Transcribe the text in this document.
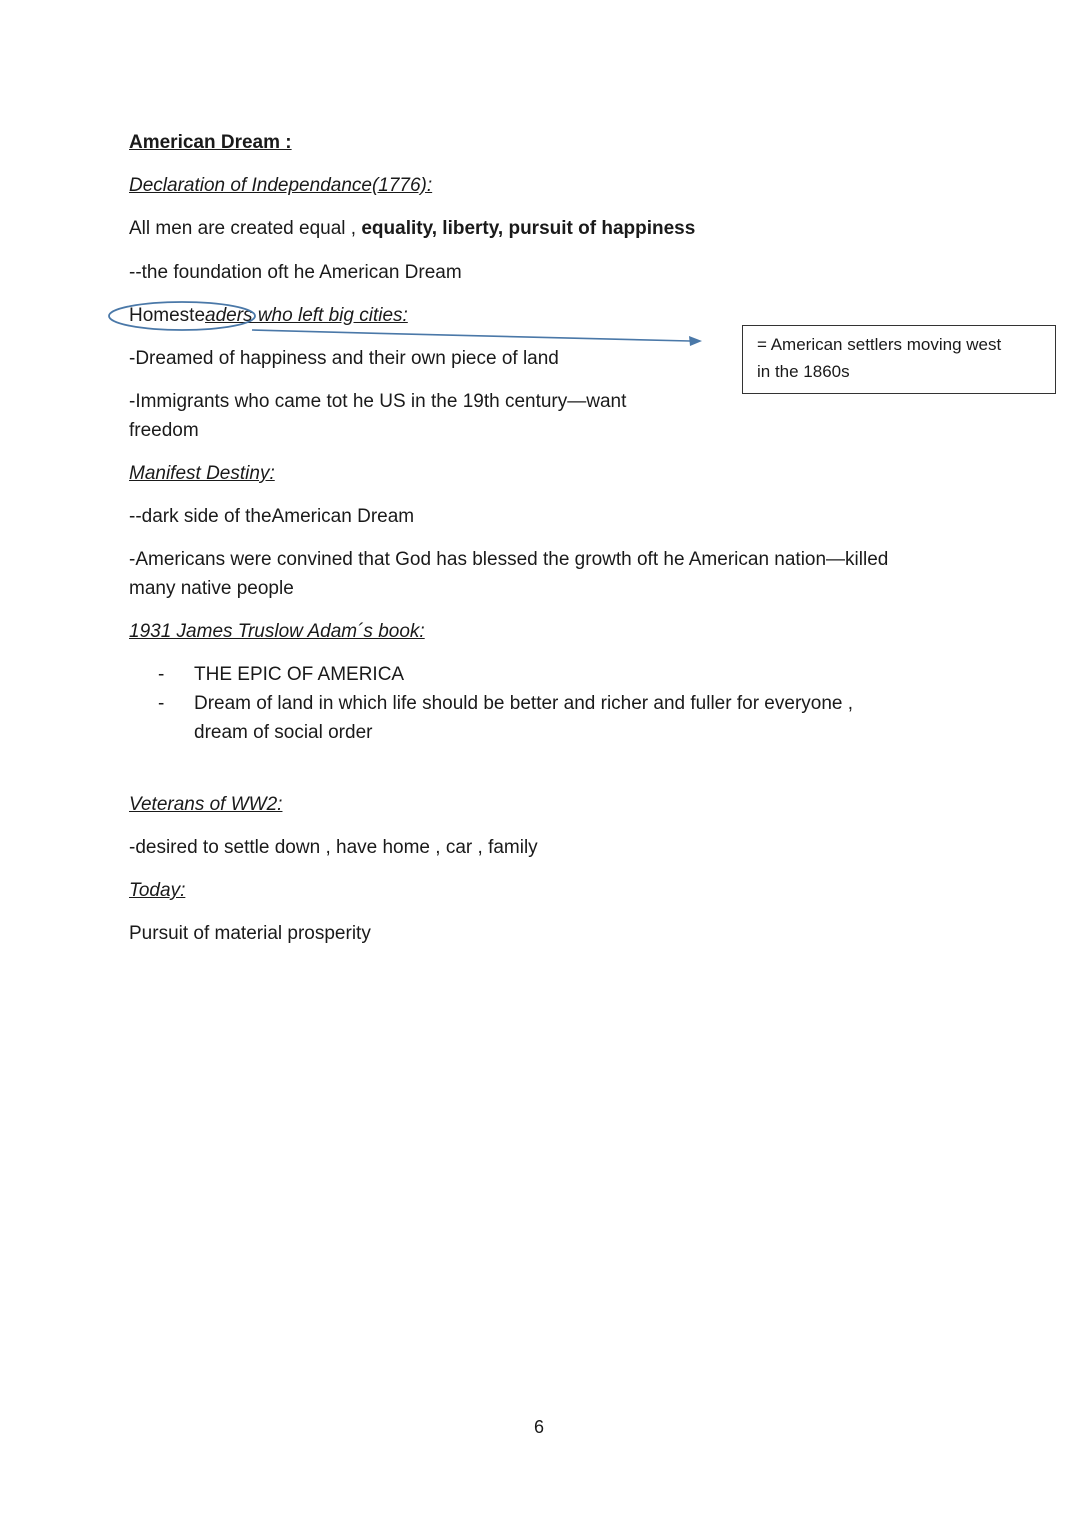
American Dream :
Declaration of Independance(1776):
All men are created equal , equality, liberty, pursuit of happiness
--the foundation oft he American Dream
Homesteaders who left big cities:
-Dreamed of happiness and their own piece of land
-Immigrants who came tot he US in the 19th century—want
freedom
= American settlers moving west
in the 1860s
Manifest Destiny:
--dark side of theAmerican Dream
-Americans were convined that God has blessed the growth oft he American nation—killed
many native people
1931 James Truslow Adam´s book:
- THE EPIC OF AMERICA
- Dream of land in which life should be better and richer and fuller for everyone ,
dream of social order
Veterans of WW2:
-desired to settle down , have home , car , family
Today:
Pursuit of material prosperity
6
